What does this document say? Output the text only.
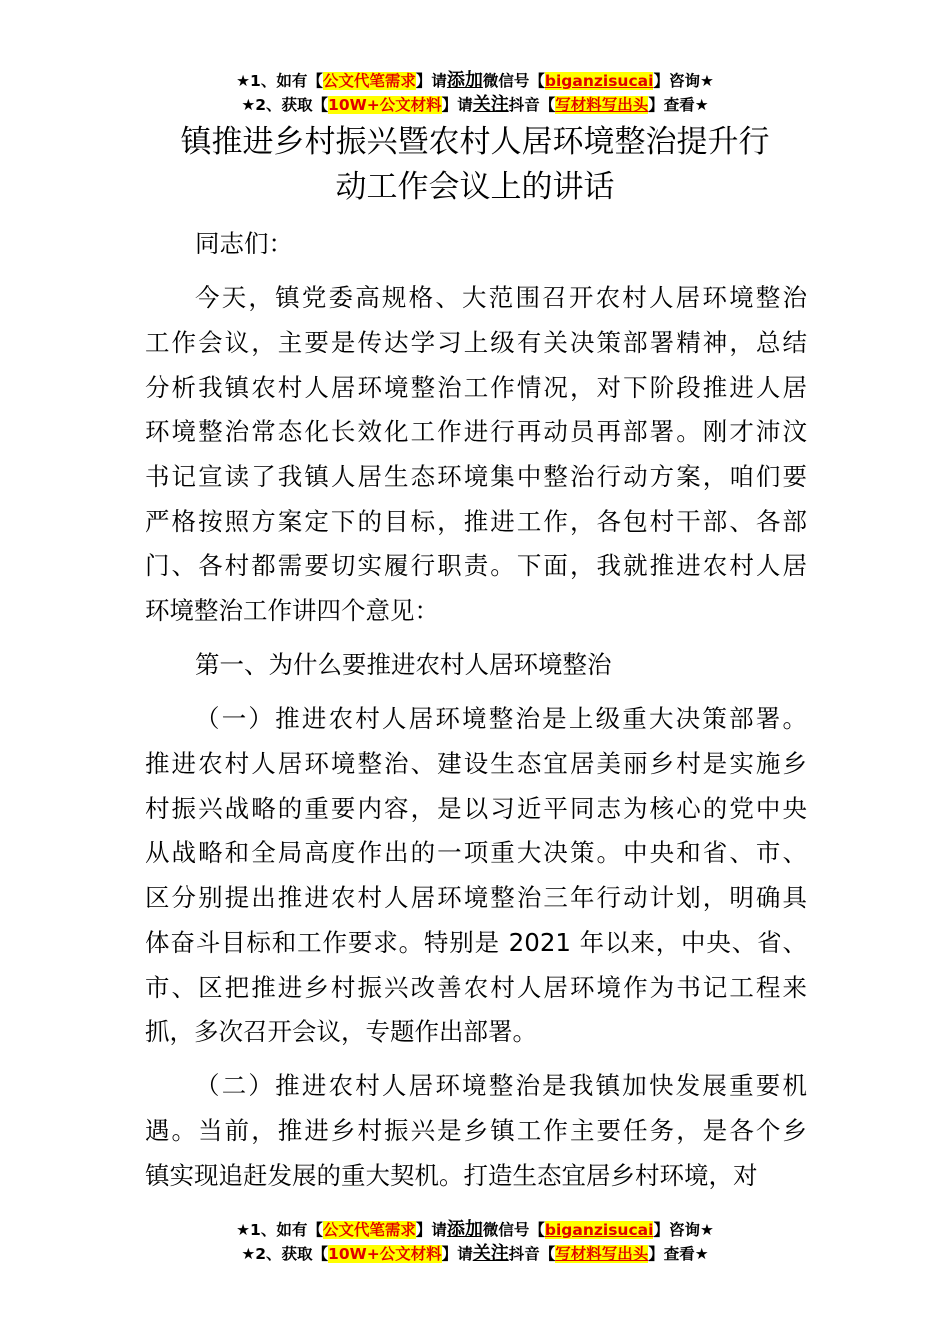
★1、如有【公文代笔需求】请添加微信号【biganzisucai】咨询★
★2、获取【10W+公文材料】请关注抖音【写材料写出头】查看★
镇推进乡村振兴暨农村人居环境整治提升行
动工作会议上的讲话
同志们：
今天，镇党委高规格、大范围召开农村人居环境整治
工作会议，主要是传达学习上级有关决策部署精神，总结
分析我镇农村人居环境整治工作情况，对下阶段推进人居
环境整治常态化长效化工作进行再动员再部署。刚才沛汶
书记宣读了我镇人居生态环境集中整治行动方案，咱们要
严格按照方案定下的目标，推进工作，各包村干部、各部
门、各村都需要切实履行职责。下面，我就推进农村人居
环境整治工作讲四个意见：
第一、为什么要推进农村人居环境整治
（一）推进农村人居环境整治是上级重大决策部署。
推进农村人居环境整治、建设生态宜居美丽乡村是实施乡
村振兴战略的重要内容，是以习近平同志为核心的党中央
从战略和全局高度作出的一项重大决策。中央和省、市、
区分别提出推进农村人居环境整治三年行动计划，明确具
体奋斗目标和工作要求。特别是 2021 年以来，中央、省、
市、区把推进乡村振兴改善农村人居环境作为书记工程来
抓，多次召开会议，专题作出部署。
（二）推进农村人居环境整治是我镇加快发展重要机
遇。当前，推进乡村振兴是乡镇工作主要任务，是各个乡
镇实现追赶发展的重大契机。打造生态宜居乡村环境，对
★1、如有【公文代笔需求】请添加微信号【biganzisucai】咨询★
★2、获取【10W+公文材料】请关注抖音【写材料写出头】查看★
